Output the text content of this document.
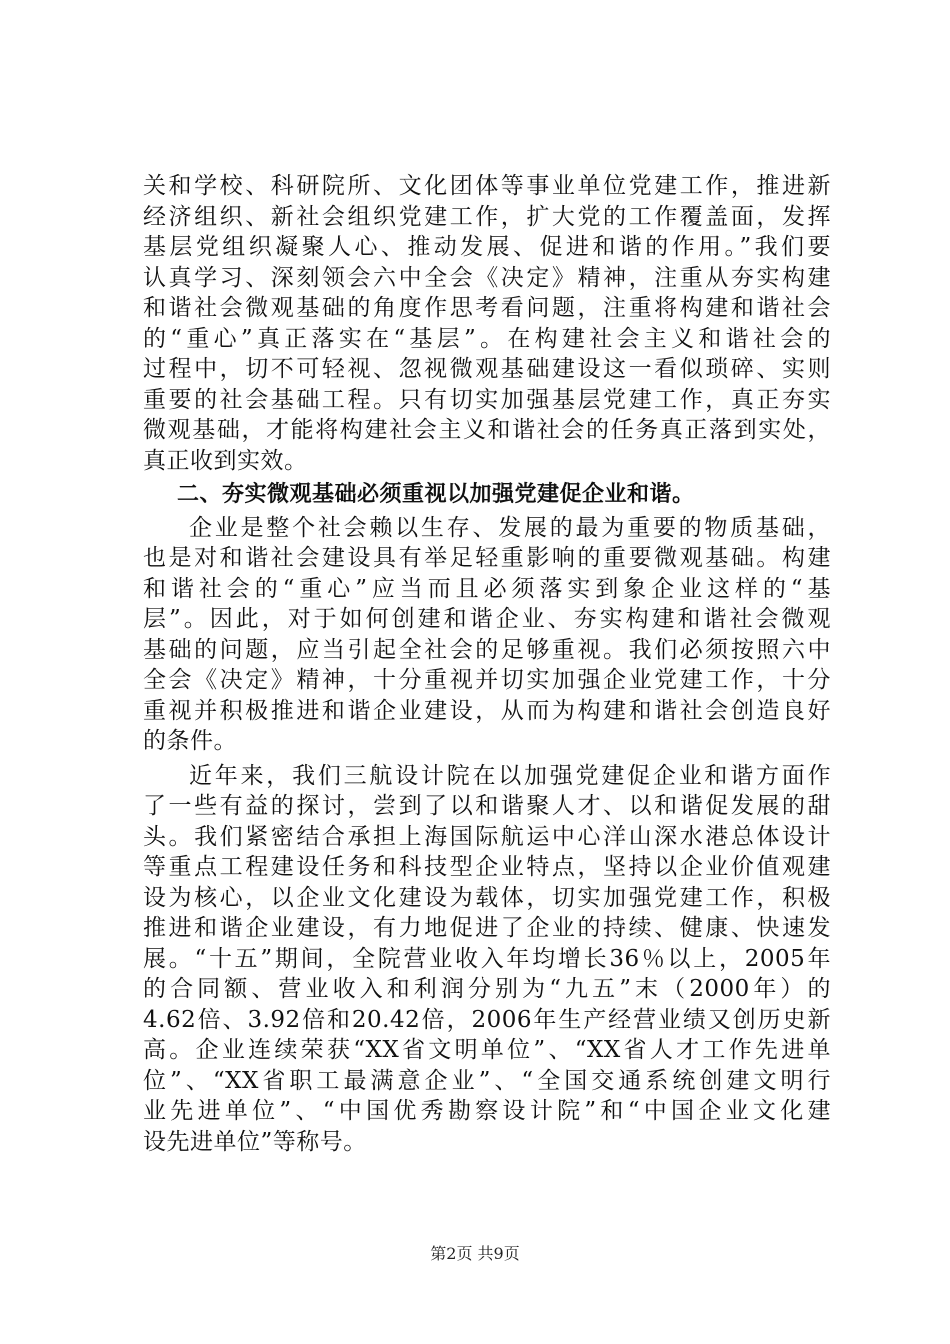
关和学校、科研院所、文化团体等事业单位党建工作，推进新
经济组织、新社会组织党建工作，扩大党的工作覆盖面，发挥
基层党组织凝聚人心、推动发展、促进和谐的作用。”我们要
认真学习、深刻领会六中全会《决定》精神，注重从夯实构建
和谐社会微观基础的角度作思考看问题，注重将构建和谐社会
的“重心”真正落实在“基层”。在构建社会主义和谐社会的
过程中，切不可轻视、忽视微观基础建设这一看似琐碎、实则
重要的社会基础工程。只有切实加强基层党建工作，真正夯实
微观基础，才能将构建社会主义和谐社会的任务真正落到实处，
真正收到实效。
二、夯实微观基础必须重视以加强党建促企业和谐。
企业是整个社会赖以生存、发展的最为重要的物质基础，
也是对和谐社会建设具有举足轻重影响的重要微观基础。构建
和谐社会的“重心”应当而且必须落实到象企业这样的“基
层”。因此，对于如何创建和谐企业、夯实构建和谐社会微观
基础的问题，应当引起全社会的足够重视。我们必须按照六中
全会《决定》精神，十分重视并切实加强企业党建工作，十分
重视并积极推进和谐企业建设，从而为构建和谐社会创造良好
的条件。
近年来，我们三航设计院在以加强党建促企业和谐方面作
了一些有益的探讨，尝到了以和谐聚人才、以和谐促发展的甜
头。我们紧密结合承担上海国际航运中心洋山深水港总体设计
等重点工程建设任务和科技型企业特点，坚持以企业价值观建
设为核心，以企业文化建设为载体，切实加强党建工作，积极
推进和谐企业建设，有力地促进了企业的持续、健康、快速发
展。“十五”期间，全院营业收入年均增长36％以上，2005年
的合同额、营业收入和利润分别为“九五”末（2000年）的
4.62倍、3.92倍和20.42倍，2006年生产经营业绩又创历史新
高。企业连续荣获“XX省文明单位”、“XX省人才工作先进单
位”、“XX省职工最满意企业”、“全国交通系统创建文明行
业先进单位”、“中国优秀勘察设计院”和“中国企业文化建
设先进单位”等称号。
第2页 共9页
